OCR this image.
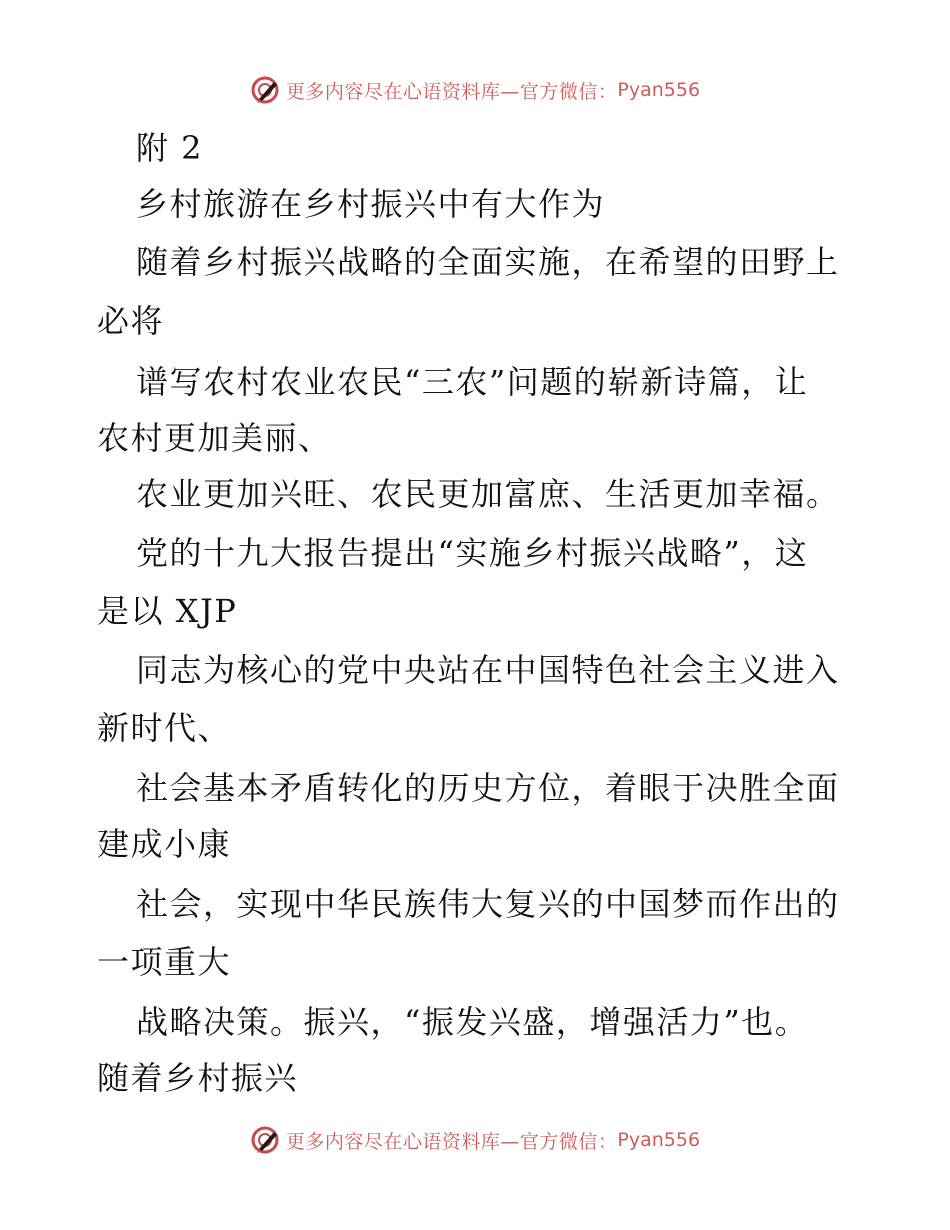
更多内容尽在心语资料库—官方微信： Pyan556
附 2
乡村旅游在乡村振兴中有大作为
随着乡村振兴战略的全面实施，在希望的田野上
必将
谱写农村农业农民“三农”问题的崭新诗篇，让
农村更加美丽、
农业更加兴旺、农民更加富庶、生活更加幸福。
党的十九大报告提出“实施乡村振兴战略”，这
是以 XJP
同志为核心的党中央站在中国特色社会主义进入
新时代、
社会基本矛盾转化的历史方位，着眼于决胜全面
建成小康
社会，实现中华民族伟大复兴的中国梦而作出的
一项重大
战略决策。振兴，“振发兴盛，增强活力”也。
随着乡村振兴
更多内容尽在心语资料库—官方微信： Pyan556
